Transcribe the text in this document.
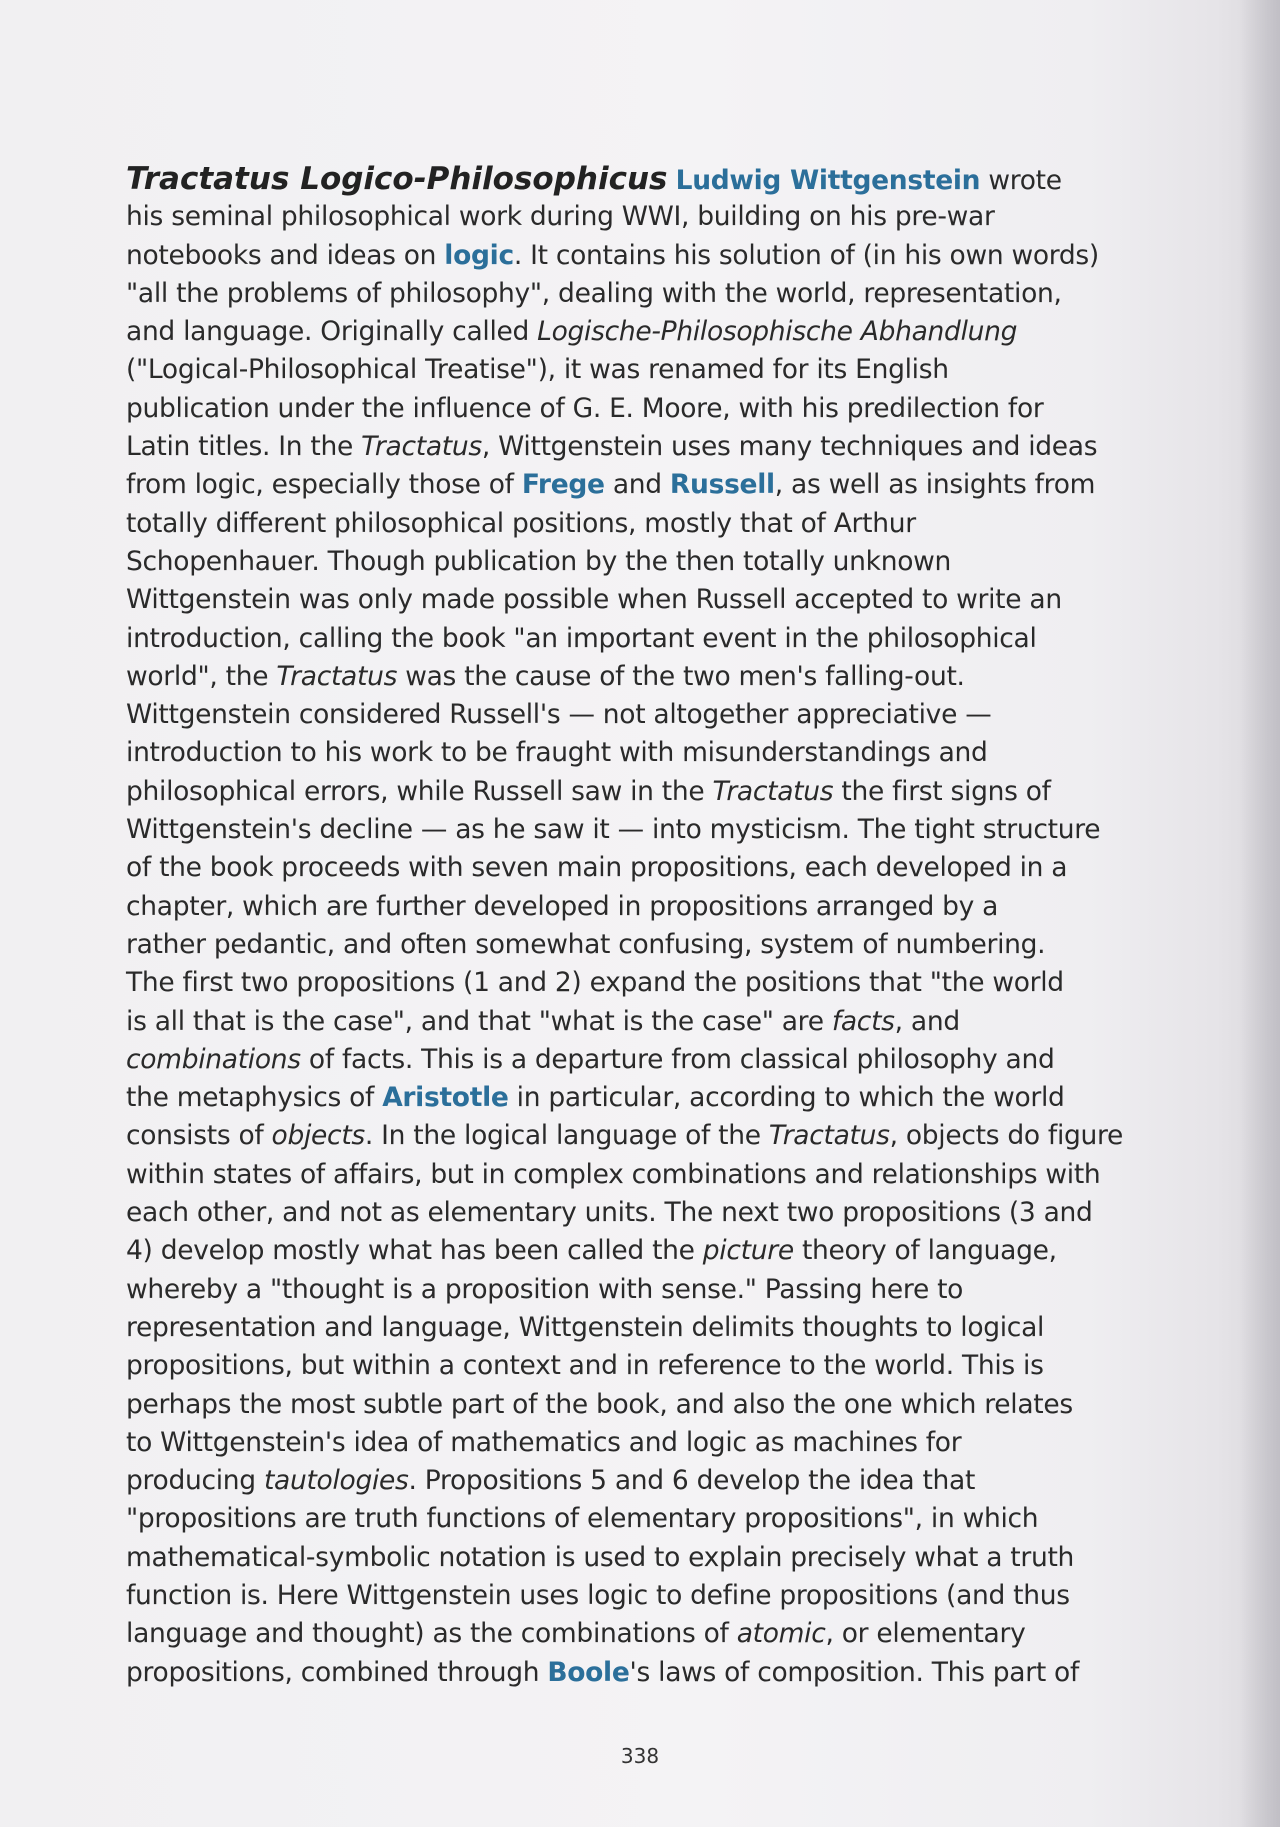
Tractatus Logico-Philosophicus Ludwig Wittgenstein wrote
his seminal philosophical work during WWI, building on his pre-war
notebooks and ideas on logic. It contains his solution of (in his own words)
"all the problems of philosophy", dealing with the world, representation,
and language. Originally called Logische-Philosophische Abhandlung
("Logical-Philosophical Treatise"), it was renamed for its English
publication under the influence of G. E. Moore, with his predilection for
Latin titles. In the Tractatus, Wittgenstein uses many techniques and ideas
from logic, especially those of Frege and Russell, as well as insights from
totally different philosophical positions, mostly that of Arthur
Schopenhauer. Though publication by the then totally unknown
Wittgenstein was only made possible when Russell accepted to write an
introduction, calling the book "an important event in the philosophical
world", the Tractatus was the cause of the two men's falling-out.
Wittgenstein considered Russell's — not altogether appreciative —
introduction to his work to be fraught with misunderstandings and
philosophical errors, while Russell saw in the Tractatus the first signs of
Wittgenstein's decline — as he saw it — into mysticism. The tight structure
of the book proceeds with seven main propositions, each developed in a
chapter, which are further developed in propositions arranged by a
rather pedantic, and often somewhat confusing, system of numbering.
The first two propositions (1 and 2) expand the positions that "the world
is all that is the case", and that "what is the case" are facts, and
combinations of facts. This is a departure from classical philosophy and
the metaphysics of Aristotle in particular, according to which the world
consists of objects. In the logical language of the Tractatus, objects do figure
within states of affairs, but in complex combinations and relationships with
each other, and not as elementary units. The next two propositions (3 and
4) develop mostly what has been called the picture theory of language,
whereby a "thought is a proposition with sense." Passing here to
representation and language, Wittgenstein delimits thoughts to logical
propositions, but within a context and in reference to the world. This is
perhaps the most subtle part of the book, and also the one which relates
to Wittgenstein's idea of mathematics and logic as machines for
producing tautologies. Propositions 5 and 6 develop the idea that
"propositions are truth functions of elementary propositions", in which
mathematical-symbolic notation is used to explain precisely what a truth
function is. Here Wittgenstein uses logic to define propositions (and thus
language and thought) as the combinations of atomic, or elementary
propositions, combined through Boole's laws of composition. This part of
338
